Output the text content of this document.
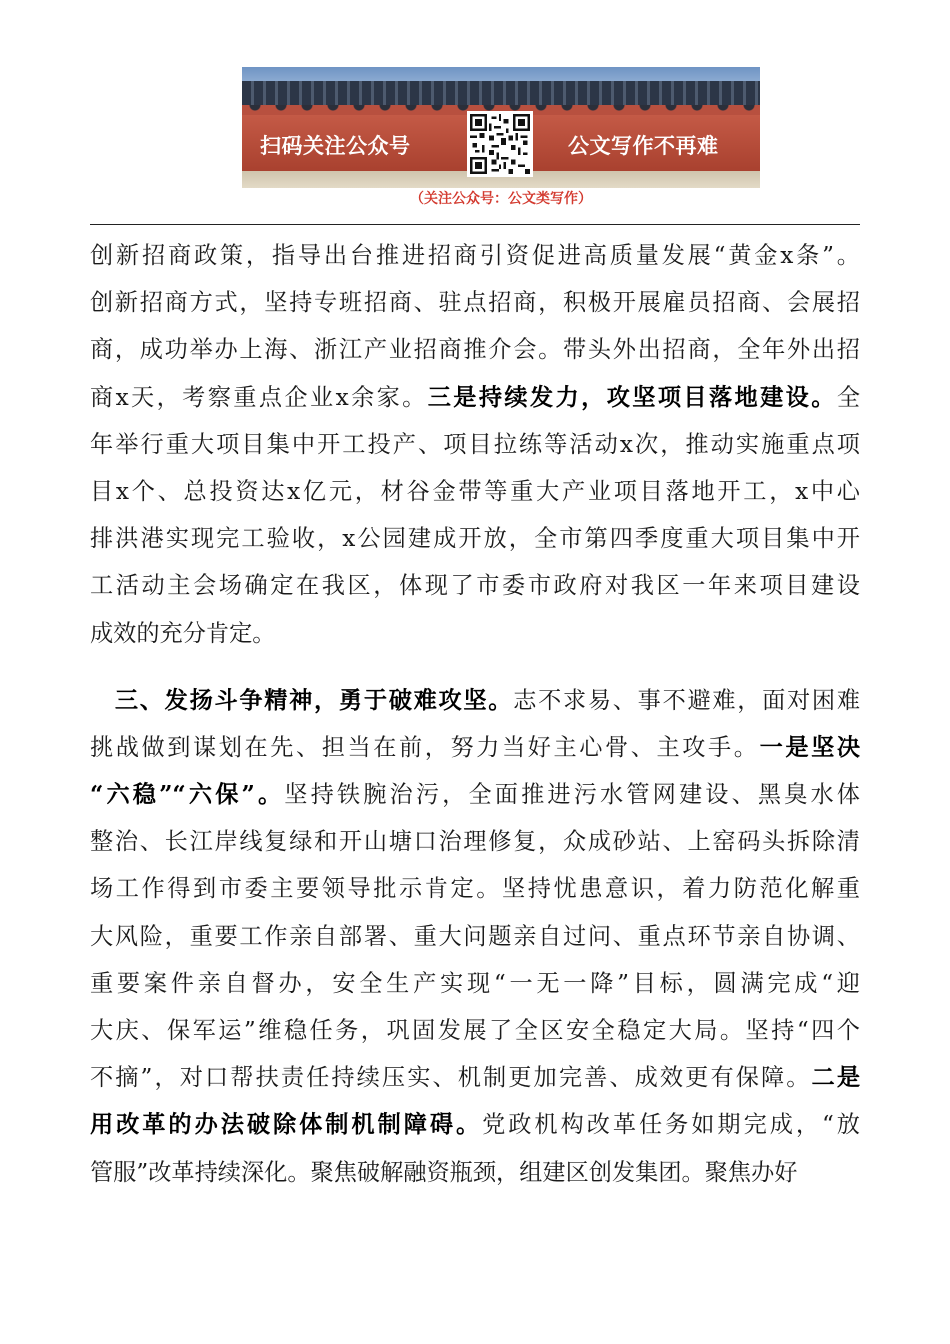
扫码关注公众号	公文写作不再难
（关注公众号：公文类写作）
创新招商政策，指导出台推进招商引资促进高质量发展“黄金x条”。
创新招商方式，坚持专班招商、驻点招商，积极开展雇员招商、会展招
商，成功举办上海、浙江产业招商推介会。带头外出招商，全年外出招
商x天，考察重点企业x余家。三是持续发力，攻坚项目落地建设。全
年举行重大项目集中开工投产、项目拉练等活动x次，推动实施重点项
目x个、总投资达x亿元，材谷金带等重大产业项目落地开工，x中心
排洪港实现完工验收，x公园建成开放，全市第四季度重大项目集中开
工活动主会场确定在我区，体现了市委市政府对我区一年来项目建设
成效的充分肯定。
　三、发扬斗争精神，勇于破难攻坚。志不求易、事不避难，面对困难
挑战做到谋划在先、担当在前，努力当好主心骨、主攻手。一是坚决
“六稳”“六保”。坚持铁腕治污，全面推进污水管网建设、黑臭水体
整治、长江岸线复绿和开山塘口治理修复，众成砂站、上窑码头拆除清
场工作得到市委主要领导批示肯定。坚持忧患意识，着力防范化解重
大风险，重要工作亲自部署、重大问题亲自过问、重点环节亲自协调、
重要案件亲自督办，安全生产实现“一无一降”目标，圆满完成“迎
大庆、保军运”维稳任务，巩固发展了全区安全稳定大局。坚持“四个
不摘”，对口帮扶责任持续压实、机制更加完善、成效更有保障。二是
用改革的办法破除体制机制障碍。党政机构改革任务如期完成，“放
管服”改革持续深化。聚焦破解融资瓶颈，组建区创发集团。聚焦办好
